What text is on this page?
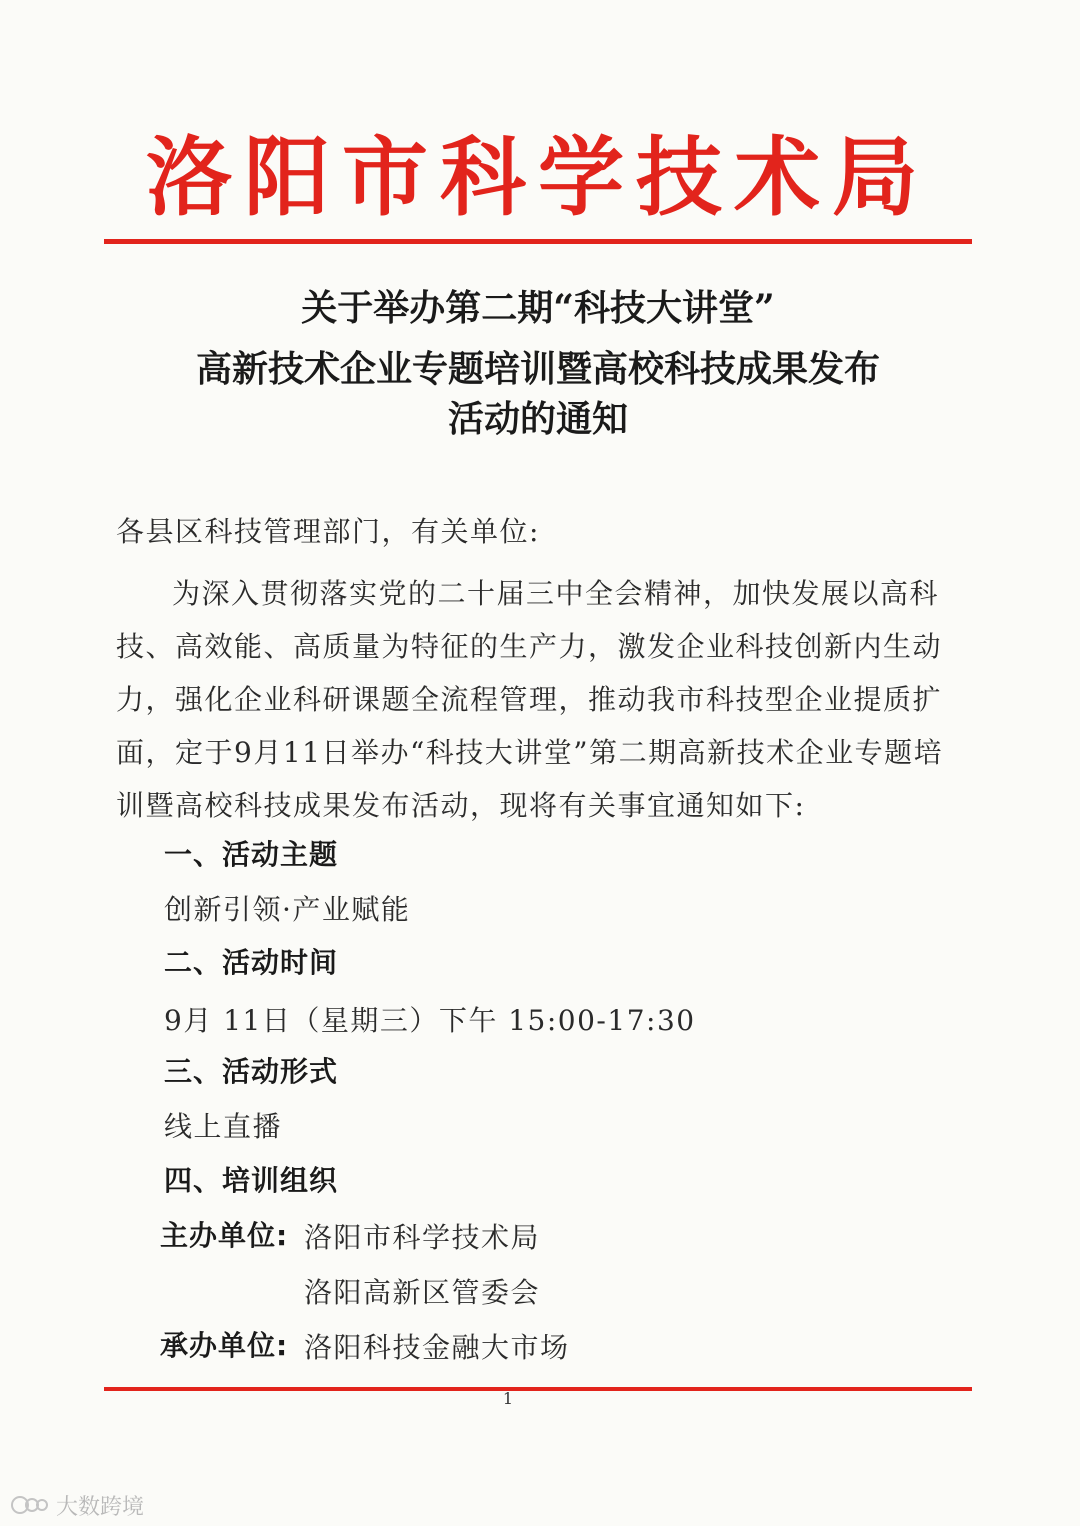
洛阳市科学技术局
关于举办第二期“科技大讲堂”
高新技术企业专题培训暨高校科技成果发布
活动的通知
各县区科技管理部门，有关单位:
为深入贯彻落实党的二十届三中全会精神，加快发展以高科
技、高效能、高质量为特征的生产力，激发企业科技创新内生动
力，强化企业科研课题全流程管理，推动我市科技型企业提质扩
面，定于9月11日举办“科技大讲堂”第二期高新技术企业专题培
训暨高校科技成果发布活动，现将有关事宜通知如下:
一、活动主题
创新引领·产业赋能
二、活动时间
9月 11日（星期三）下午 15:00-17:30
三、活动形式
线上直播
四、培训组织
主办单位: 洛阳市科学技术局
洛阳高新区管委会
承办单位: 洛阳科技金融大市场
1
大数跨境
